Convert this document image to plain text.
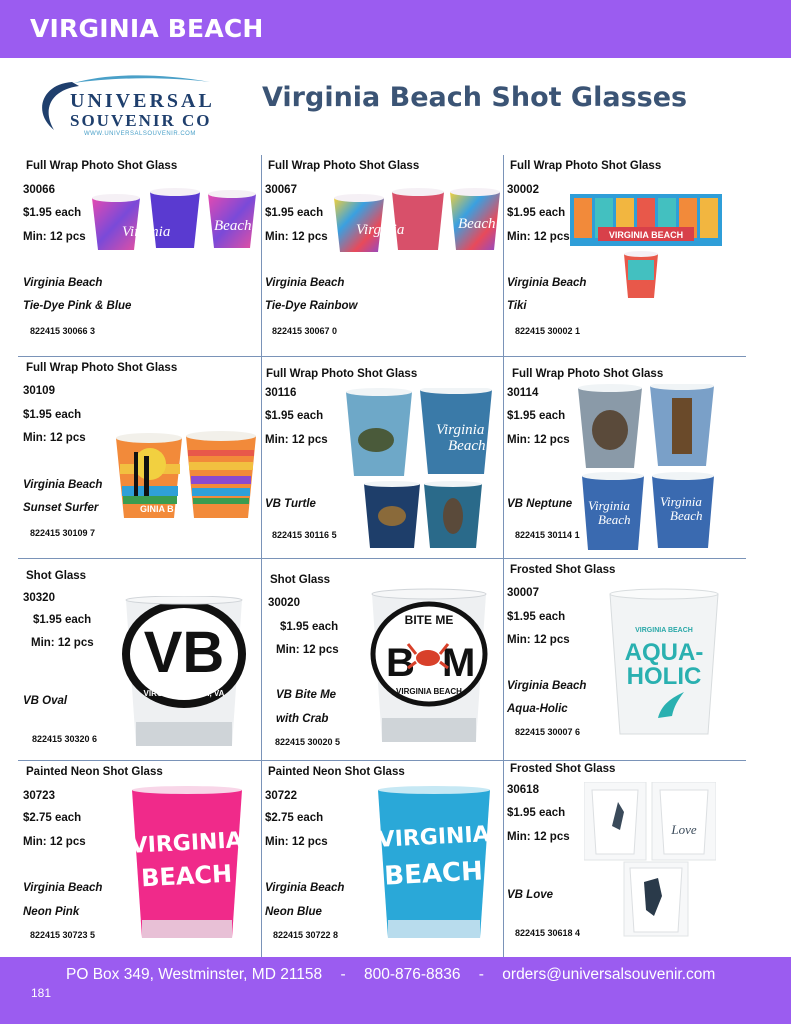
VIRGINIA BEACH
UNIVERSAL
SOUVENIR CO
WWW.UNIVERSALSOUVENIR.COM
Virginia Beach Shot Glasses
Full Wrap Photo Shot Glass
30066
$1.95 each
Min: 12 pcs
Virginia Beach
Tie-Dye Pink & Blue
822415 30066 3
Virginia	Beach
Full Wrap Photo Shot Glass
30067
$1.95 each
Min: 12 pcs
Virginia Beach
Tie-Dye Rainbow
822415 30067 0
Virginia	Beach
Full Wrap Photo Shot Glass
30002
$1.95 each
Min: 12 pcs
Virginia Beach
Tiki
822415 30002 1
VIRGINIA BEACH
Full Wrap Photo Shot Glass
30109
$1.95 each
Min: 12 pcs
Virginia Beach
Sunset Surfer
822415 30109 7
GINIA B
Full Wrap Photo Shot Glass
30116
$1.95 each
Min: 12 pcs
VB Turtle
822415 30116 5
Virginia
Beach
Full Wrap Photo Shot Glass
30114
$1.95 each
Min: 12 pcs
VB Neptune
822415 30114 1
Virginia
Beach
Virginia
Beach
Shot Glass
30320
$1.95 each
Min: 12 pcs
VB Oval
822415 30320 6
VB
VIRGINIA BEACH, VA
Shot Glass
30020
$1.95 each
Min: 12 pcs
VB Bite Me
with Crab
822415 30020 5
BITE ME
B M
VIRGINIA BEACH
Frosted Shot Glass
30007
$1.95 each
Min: 12 pcs
Virginia Beach
Aqua-Holic
822415 30007 6
VIRGINIA BEACH
AQUA-
HOLIC
Painted Neon Shot Glass
30723
$2.75 each
Min: 12 pcs
Virginia Beach
Neon Pink
822415 30723 5
VIRGINIA
BEACH
Painted Neon Shot Glass
30722
$2.75 each
Min: 12 pcs
Virginia Beach
Neon Blue
822415 30722 8
VIRGINIA
BEACH
Frosted Shot Glass
30618
$1.95 each
Min: 12 pcs
VB Love
822415 30618 4
Love
PO Box 349, Westminster, MD 21158 - 800-876-8836 - orders@universalsouvenir.com
181
